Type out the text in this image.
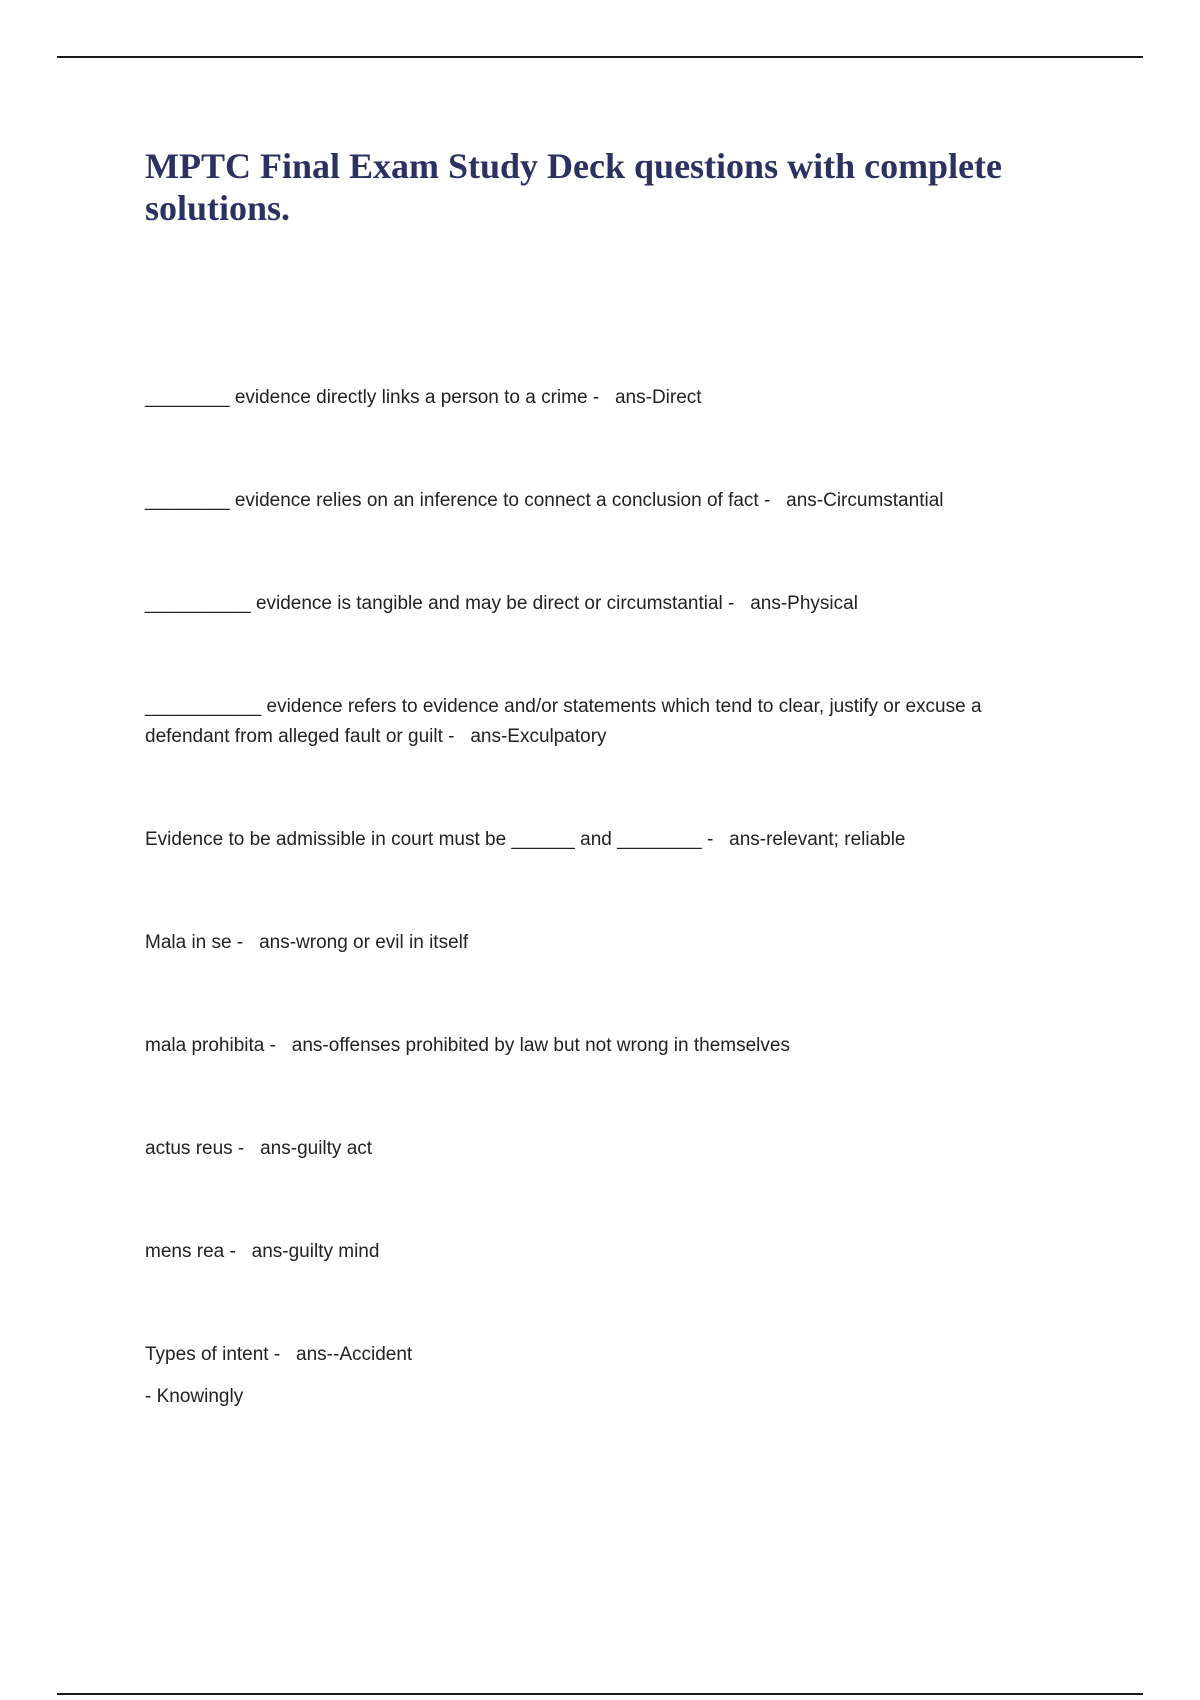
MPTC Final Exam Study Deck questions with complete solutions.

________ evidence directly links a person to a crime -   ans-Direct

________ evidence relies on an inference to connect a conclusion of fact -   ans-Circumstantial

__________ evidence is tangible and may be direct or circumstantial -   ans-Physical

___________ evidence refers to evidence and/or statements which tend to clear, justify or excuse a defendant from alleged fault or guilt -   ans-Exculpatory

Evidence to be admissible in court must be ______ and ________ -   ans-relevant; reliable

Mala in se -   ans-wrong or evil in itself

mala prohibita -   ans-offenses prohibited by law but not wrong in themselves

actus reus -   ans-guilty act

mens rea -   ans-guilty mind

Types of intent -   ans--Accident

- Knowingly
